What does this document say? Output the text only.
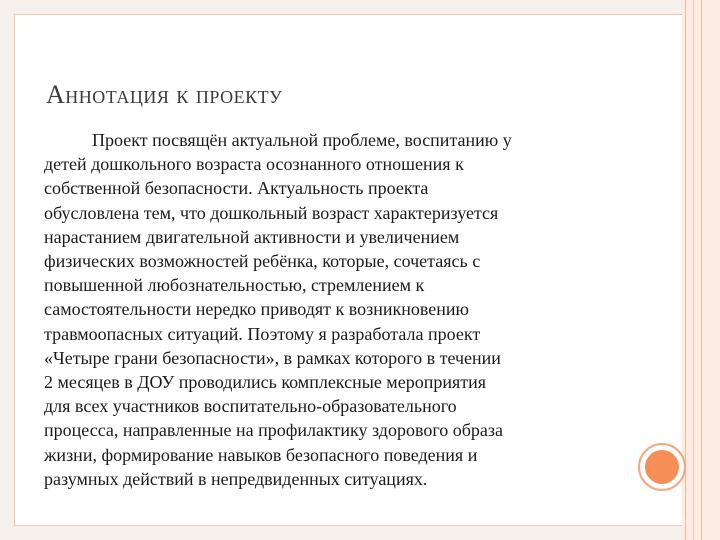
Аннотация к проекту
Проект посвящён актуальной проблеме, воспитанию у
детей дошкольного возраста осознанного отношения к
собственной безопасности. Актуальность проекта
обусловлена тем, что дошкольный возраст характеризуется
нарастанием двигательной активности и увеличением
физических возможностей ребёнка, которые, сочетаясь с
повышенной любознательностью, стремлением к
самостоятельности нередко приводят к возникновению
травмоопасных ситуаций. Поэтому я разработала проект
«Четыре грани безопасности», в рамках которого в течении
2 месяцев в ДОУ проводились комплексные мероприятия
для всех участников воспитательно-образовательного
процесса, направленные на профилактику здорового образа
жизни, формирование навыков безопасного поведения и
разумных действий в непредвиденных ситуациях.
